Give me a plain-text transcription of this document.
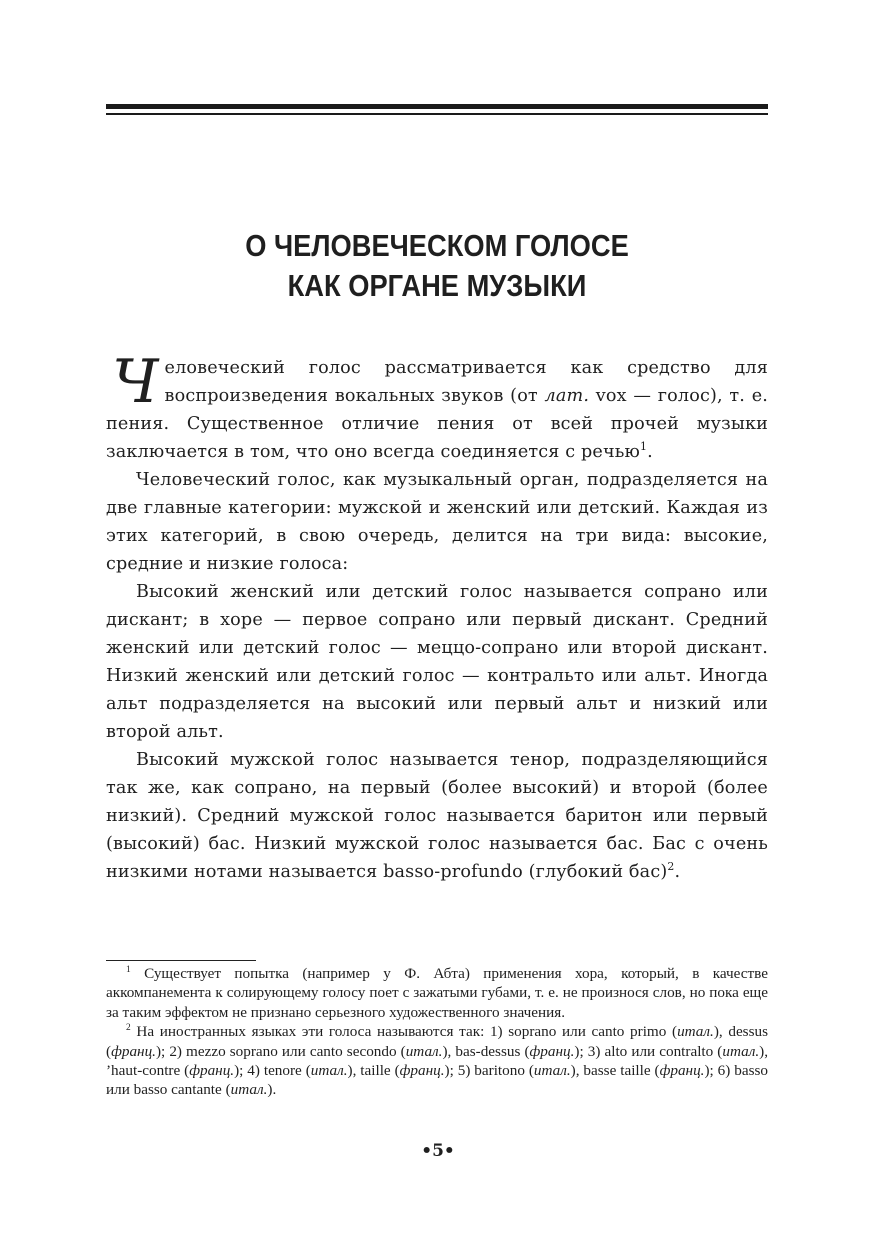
О ЧЕЛОВЕЧЕСКОМ ГОЛОСЕ
КАК ОРГАНЕ МУЗЫКИ

Человеческий голос рассматривается как средство для воспроизведения вокальных звуков (от лат. vox — голос), т. е. пения. Существенное отличие пения от всей прочей музыки заключается в том, что оно всегда соединяется с речью$^1$.

Человеческий голос, как музыкальный орган, подразделяется на две главные категории: мужской и женский или детский. Каждая из этих категорий, в свою очередь, делится на три вида: высокие, средние и низкие голоса:

Высокий женский или детский голос называется сопрано или дискант; в хоре — первое сопрано или первый дискант. Средний женский или детский голос — меццо-сопрано или второй дискант. Низкий женский или детский голос — контральто или альт. Иногда альт подразделяется на высокий или первый альт и низкий или второй альт.

Высокий мужской голос называется тенор, подразделяющийся так же, как сопрано, на первый (более высокий) и второй (более низкий). Средний мужской голос называется баритон или первый (высокий) бас. Низкий мужской голос называется бас. Бас с очень низкими нотами называется basso-profundo (глубокий бас)$^2$.

$^1$ Существует попытка (например у Ф. Абта) применения хора, который, в качестве аккомпанемента к солирующему голосу поет с зажатыми губами, т. е. не произнося слов, но пока еще за таким эффектом не признано серьезного художественного значения.

$^2$ На иностранных языках эти голоса называются так: 1) soprano или canto primo (итал.), dessus (франц.); 2) mezzo soprano или canto secondo (итал.), bas-dessus (франц.); 3) alto или contralto (итал.), ’haut-contre (франц.); 4) tenore (итал.), taille (франц.); 5) baritono (итал.), basse taille (франц.); 6) basso или basso cantante (итал.).

•5•
